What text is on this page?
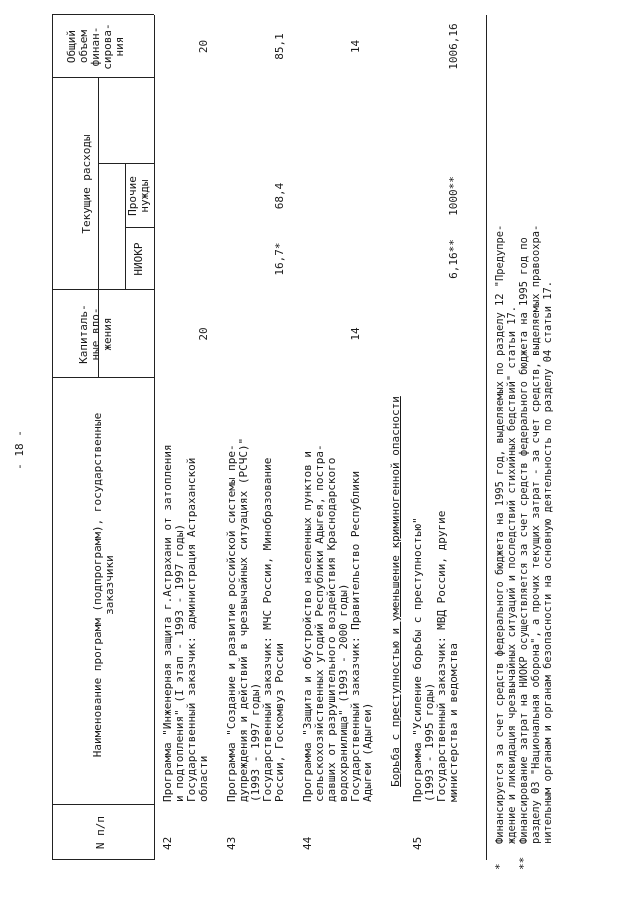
- 18 -
N п/п
Наименование программ (подпрограмм), государственные заказчики
Капиталь- ные вло- жения
Текущие расходы
НИОКР
Прочие нужды
Общий объем финан- сирова- ния
42
Программа "Инженерная защита г.Астрахани от затопления и подтопления" (I этап - 1993 - 1997 годы) Государственный заказчик: администрация Астраханской области
20
20
43
Программа "Создание и развитие российской системы пре- дупреждения и действий в чрезвычайных ситуациях (РСЧС)" (1993 - 1997 годы) Государственный заказчик: МЧС России, Минобразование России, Госкомвуз России
16,7*
68,4
85,1
44
Программа "Защита и обустройство населенных пунктов и сельскохозяйственных угодий Республики Адыгея, постра- давших от разрушительного воздействия Краснодарского водохранилища" (1993 - 2000 годы) Государственный заказчик: Правительство Республики Адыгеи (Адыгеи)
14
14
Борьба с преступностью и уменьшение криминогенной опасности
45
Программа "Усиление борьбы с преступностью" (1993 - 1995 годы) Государственный заказчик: МВД России, другие министерства и ведомства
6,16**
1000**
1006,16
*
Финансируется за счет средств федерального бюджета на 1995 год, выделяемых по разделу 12 "Предупре- ждение и ликвидация чрезвычайных ситуаций и последствий стихийных бедствий" статьи 17.
**
Финансирование затрат на НИОКР осуществляется за счет средств федерального бюджета на 1995 год по разделу 03 "Национальная оборона", а прочих текущих затрат - за счет средств, выделяемых правоохра- нительным органам и органам безопасности на основную деятельность по разделу 04 статьи 17.
